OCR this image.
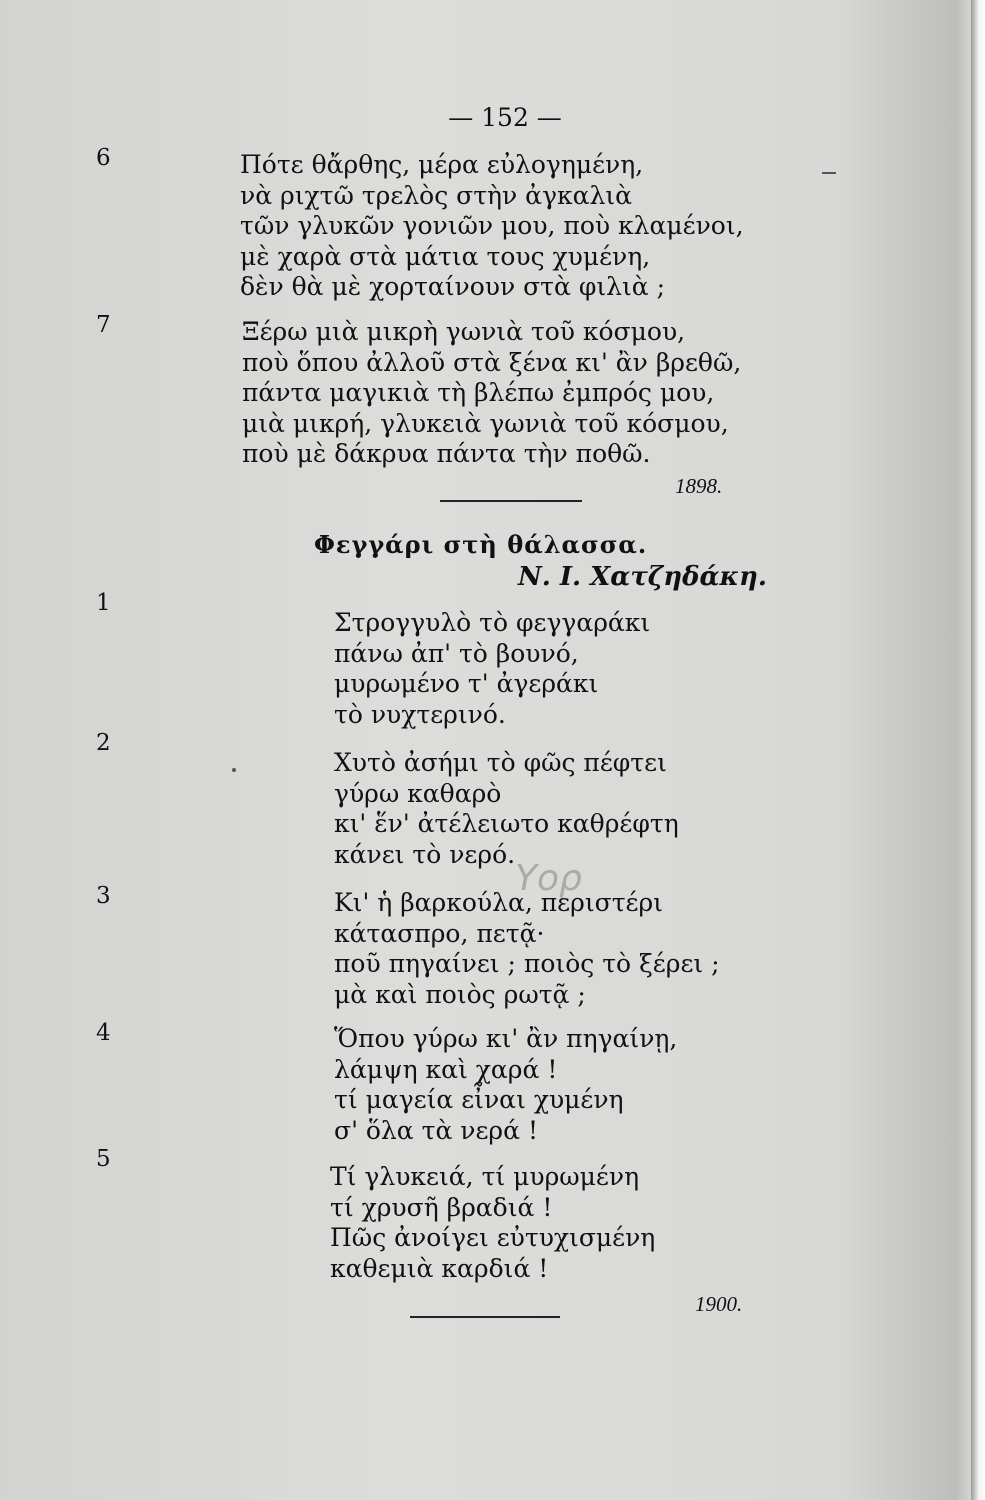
— 152 —
6
7
1
2
3
4
5
Πότε θἄρθης, μέρα εὐλογημένη,
νὰ ριχτῶ τρελὸς στὴν ἀγκαλιὰ
τῶν γλυκῶν γονιῶν μου, ποὺ κλαμένοι,
μὲ χαρὰ στὰ μάτια τους χυμένη,
δὲν θὰ μὲ χορταίνουν στὰ φιλιὰ ;
Ξέρω μιὰ μικρὴ γωνιὰ τοῦ κόσμου,
ποὺ ὅπου ἀλλοῦ στὰ ξένα κι' ἂν βρεθῶ,
πάντα μαγικιὰ τὴ βλέπω ἐμπρός μου,
μιὰ μικρή, γλυκειὰ γωνιὰ τοῦ κόσμου,
ποὺ μὲ δάκρυα πάντα τὴν ποθῶ.
1898.
Φεγγάρι στὴ θάλασσα.
Ν. Ι. Χατζηδάκη.
Στρογγυλὸ τὸ φεγγαράκι
πάνω ἀπ' τὸ βουνό,
μυρωμένο τ' ἀγεράκι
τὸ νυχτερινό.
Χυτὸ ἀσήμι τὸ φῶς πέφτει
γύρω καθαρὸ
κι' ἕν' ἀτέλειωτο καθρέφτη
κάνει τὸ νερό.
Κι' ἡ βαρκούλα, περιστέρι
κάτασπρο, πετᾷ·
ποῦ πηγαίνει ; ποιὸς τὸ ξέρει ;
μὰ καὶ ποιὸς ρωτᾷ ;
Ὅπου γύρω κι' ἂν πηγαίνῃ,
λάμψη καὶ χαρά !
τί μαγεία εἶναι χυμένη
σ' ὅλα τὰ νερά !
Τί γλυκειά, τί μυρωμένη
τί χρυσῆ βραδιά !
Πῶς ἀνοίγει εὐτυχισμένη
καθεμιὰ καρδιά !
1900.
Υορ
